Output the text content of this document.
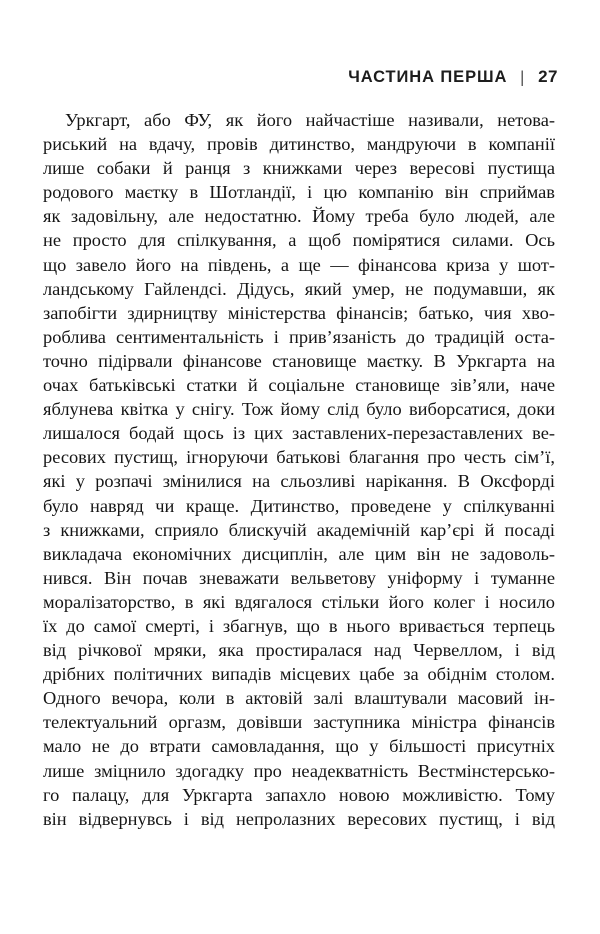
ЧАСТИНА ПЕРША | 27
Уркгарт, або ФУ, як його найчастіше називали, нетова-
риський на вдачу, провів дитинство, мандруючи в компанії
лише собаки й ранця з книжками через вересові пустища
родового маєтку в Шотландії, і цю компанію він сприймав
як задовільну, але недостатню. Йому треба було людей, але
не просто для спілкування, а щоб помірятися силами. Ось
що завело його на південь, а ще — фінансова криза у шот-
ландському Гайлендсі. Дідусь, який умер, не подумавши, як
запобігти здирництву міністерства фінансів; батько, чия хво-
роблива сентиментальність і прив’язаність до традицій оста-
точно підірвали фінансове становище маєтку. В Уркгарта на
очах батьківські статки й соціальне становище зів’яли, наче
яблунева квітка у снігу. Тож йому слід було виборсатися, доки
лишалося бодай щось із цих заставлених-перезаставлених ве-
ресових пустищ, ігноруючи батькові благання про честь сім’ї,
які у розпачі змінилися на сльозливі нарікання. В Оксфорді
було навряд чи краще. Дитинство, проведене у спілкуванні
з книжками, сприяло блискучій академічній кар’єрі й посаді
викладача економічних дисциплін, але цим він не задоволь-
нився. Він почав зневажати вельветову уніформу і туманне
моралізаторство, в які вдягалося стільки його колег і носило
їх до самої смерті, і збагнув, що в нього вривається терпець
від річкової мряки, яка простиралася над Червеллом, і від
дрібних політичних випадів місцевих цабе за обіднім столом.
Одного вечора, коли в актовій залі влаштували масовий ін-
телектуальний оргазм, довівши заступника міністра фінансів
мало не до втрати самовладання, що у більшості присутніх
лише зміцнило здогадку про неадекватність Вестмінстерсько-
го палацу, для Уркгарта запахло новою можливістю. Тому
він відвернувсь і від непролазних вересових пустищ, і від
